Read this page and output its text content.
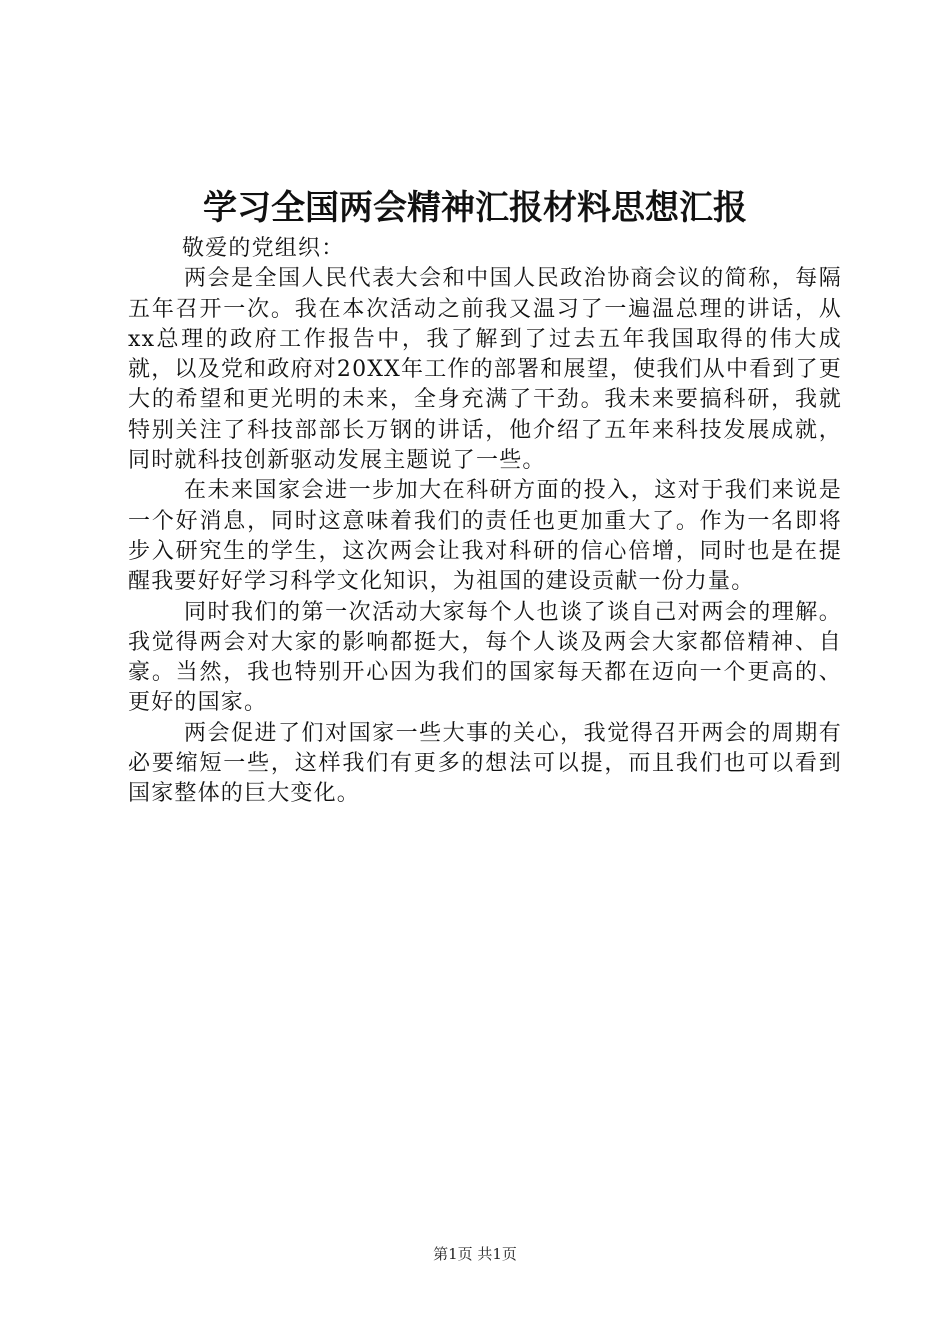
学习全国两会精神汇报材料思想汇报

敬爱的党组织：

两会是全国人民代表大会和中国人民政治协商会议的简称，每隔五年召开一次。我在本次活动之前我又温习了一遍温总理的讲话，从xx总理的政府工作报告中，我了解到了过去五年我国取得的伟大成就，以及党和政府对20XX年工作的部署和展望，使我们从中看到了更大的希望和更光明的未来，全身充满了干劲。我未来要搞科研，我就特别关注了科技部部长万钢的讲话，他介绍了五年来科技发展成就，同时就科技创新驱动发展主题说了一些。

在未来国家会进一步加大在科研方面的投入，这对于我们来说是一个好消息，同时这意味着我们的责任也更加重大了。作为一名即将步入研究生的学生，这次两会让我对科研的信心倍增，同时也是在提醒我要好好学习科学文化知识，为祖国的建设贡献一份力量。

同时我们的第一次活动大家每个人也谈了谈自己对两会的理解。我觉得两会对大家的影响都挺大，每个人谈及两会大家都倍精神、自豪。当然，我也特别开心因为我们的国家每天都在迈向一个更高的、更好的国家。

两会促进了们对国家一些大事的关心，我觉得召开两会的周期有必要缩短一些，这样我们有更多的想法可以提，而且我们也可以看到国家整体的巨大变化。

第1页 共1页
